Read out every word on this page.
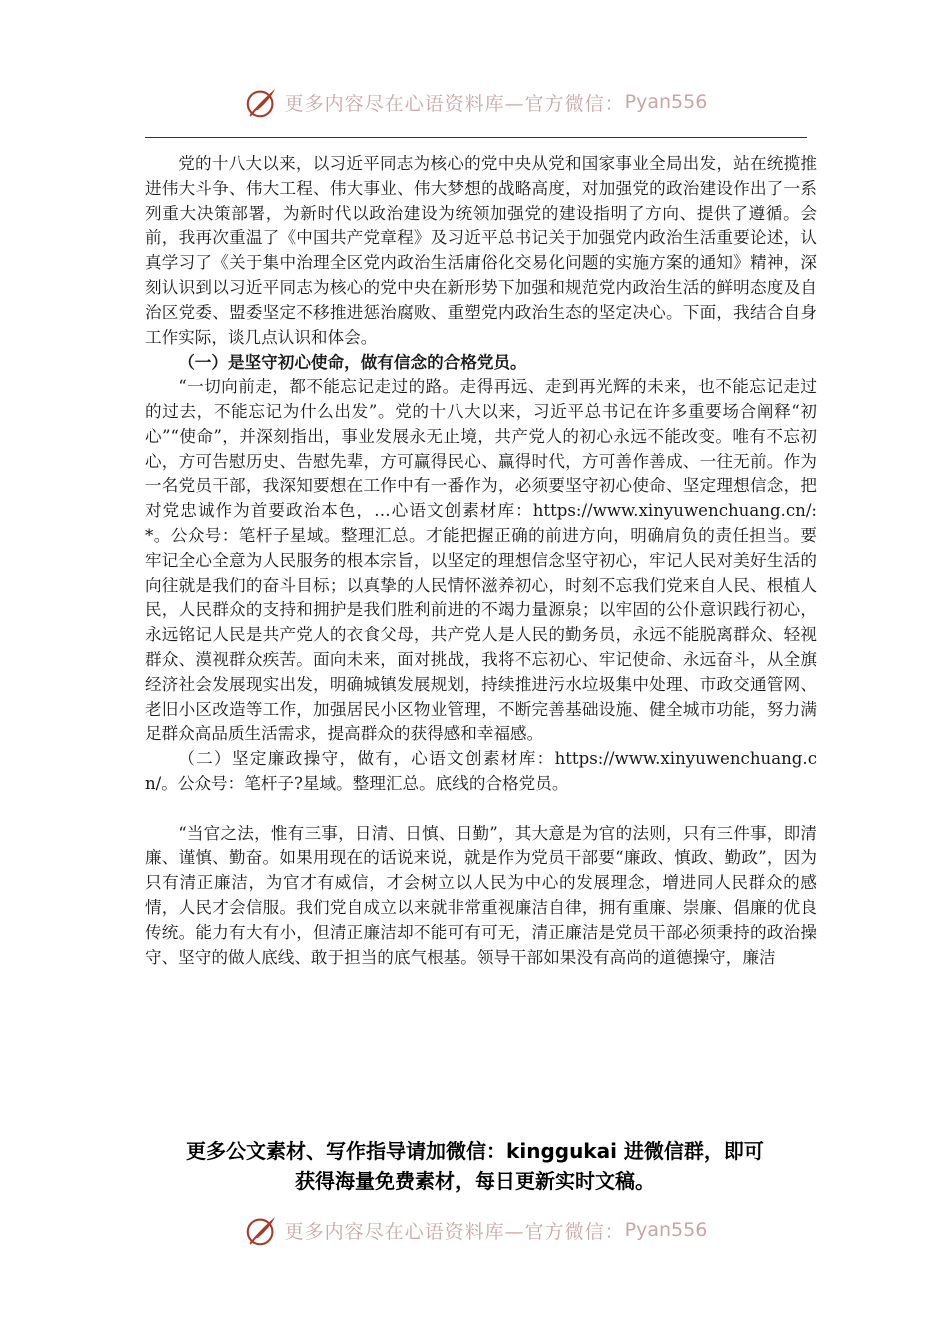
更多内容尽在心语资料库—官方微信： Pyan556

党的十八大以来，以习近平同志为核心的党中央从党和国家事业全局出发，站在统揽推进伟大斗争、伟大工程、伟大事业、伟大梦想的战略高度，对加强党的政治建设作出了一系列重大决策部署，为新时代以政治建设为统领加强党的建设指明了方向、提供了遵循。会前，我再次重温了《中国共产党章程》及习近平总书记关于加强党内政治生活重要论述，认真学习了《关于集中治理全区党内政治生活庸俗化交易化问题的实施方案的通知》精神，深刻认识到以习近平同志为核心的党中央在新形势下加强和规范党内政治生活的鲜明态度及自治区党委、盟委坚定不移推进惩治腐败、重塑党内政治生态的坚定决心。下面，我结合自身工作实际，谈几点认识和体会。

（一）是坚守初心使命，做有信念的合格党员。

“一切向前走，都不能忘记走过的路。走得再远、走到再光辉的未来，也不能忘记走过的过去，不能忘记为什么出发”。党的十八大以来，习近平总书记在许多重要场合阐释“初心”“使命”，并深刻指出，事业发展永无止境，共产党人的初心永远不能改变。唯有不忘初心，方可告慰历史、告慰先辈，方可赢得民心、赢得时代，方可善作善成、一往无前。作为一名党员干部，我深知要想在工作中有一番作为，必须要坚守初心使命、坚定理想信念，把对党忠诚作为首要政治本色，…心语文创素材库：https://www.xinyuwenchuang.cn/:*。公众号：笔杆子星域。整理汇总。才能把握正确的前进方向，明确肩负的责任担当。要牢记全心全意为人民服务的根本宗旨，以坚定的理想信念坚守初心，牢记人民对美好生活的向往就是我们的奋斗目标；以真挚的人民情怀滋养初心，时刻不忘我们党来自人民、根植人民，人民群众的支持和拥护是我们胜利前进的不竭力量源泉；以牢固的公仆意识践行初心，永远铭记人民是共产党人的衣食父母，共产党人是人民的勤务员，永远不能脱离群众、轻视群众、漠视群众疾苦。面向未来，面对挑战，我将不忘初心、牢记使命、永远奋斗，从全旗经济社会发展现实出发，明确城镇发展规划，持续推进污水垃圾集中处理、市政交通管网、老旧小区改造等工作，加强居民小区物业管理，不断完善基础设施、健全城市功能，努力满足群众高品质生活需求，提高群众的获得感和幸福感。

（二）坚定廉政操守，做有，心语文创素材库：https://www.xinyuwenchuang.cn/。公众号：笔杆子?星域。整理汇总。底线的合格党员。

“当官之法，惟有三事，日清、日慎、日勤”，其大意是为官的法则，只有三件事，即清廉、谨慎、勤奋。如果用现在的话说来说，就是作为党员干部要“廉政、慎政、勤政”，因为只有清正廉洁，为官才有威信，才会树立以人民为中心的发展理念，增进同人民群众的感情，人民才会信服。我们党自成立以来就非常重视廉洁自律，拥有重廉、崇廉、倡廉的优良传统。能力有大有小，但清正廉洁却不能可有可无，清正廉洁是党员干部必须秉持的政治操守、坚守的做人底线、敢于担当的底气根基。领导干部如果没有高尚的道德操守，廉洁

更多公文素材、写作指导请加微信：kinggukai 进微信群，即可
获得海量免费素材，每日更新实时文稿。
更多内容尽在心语资料库—官方微信： Pyan556
